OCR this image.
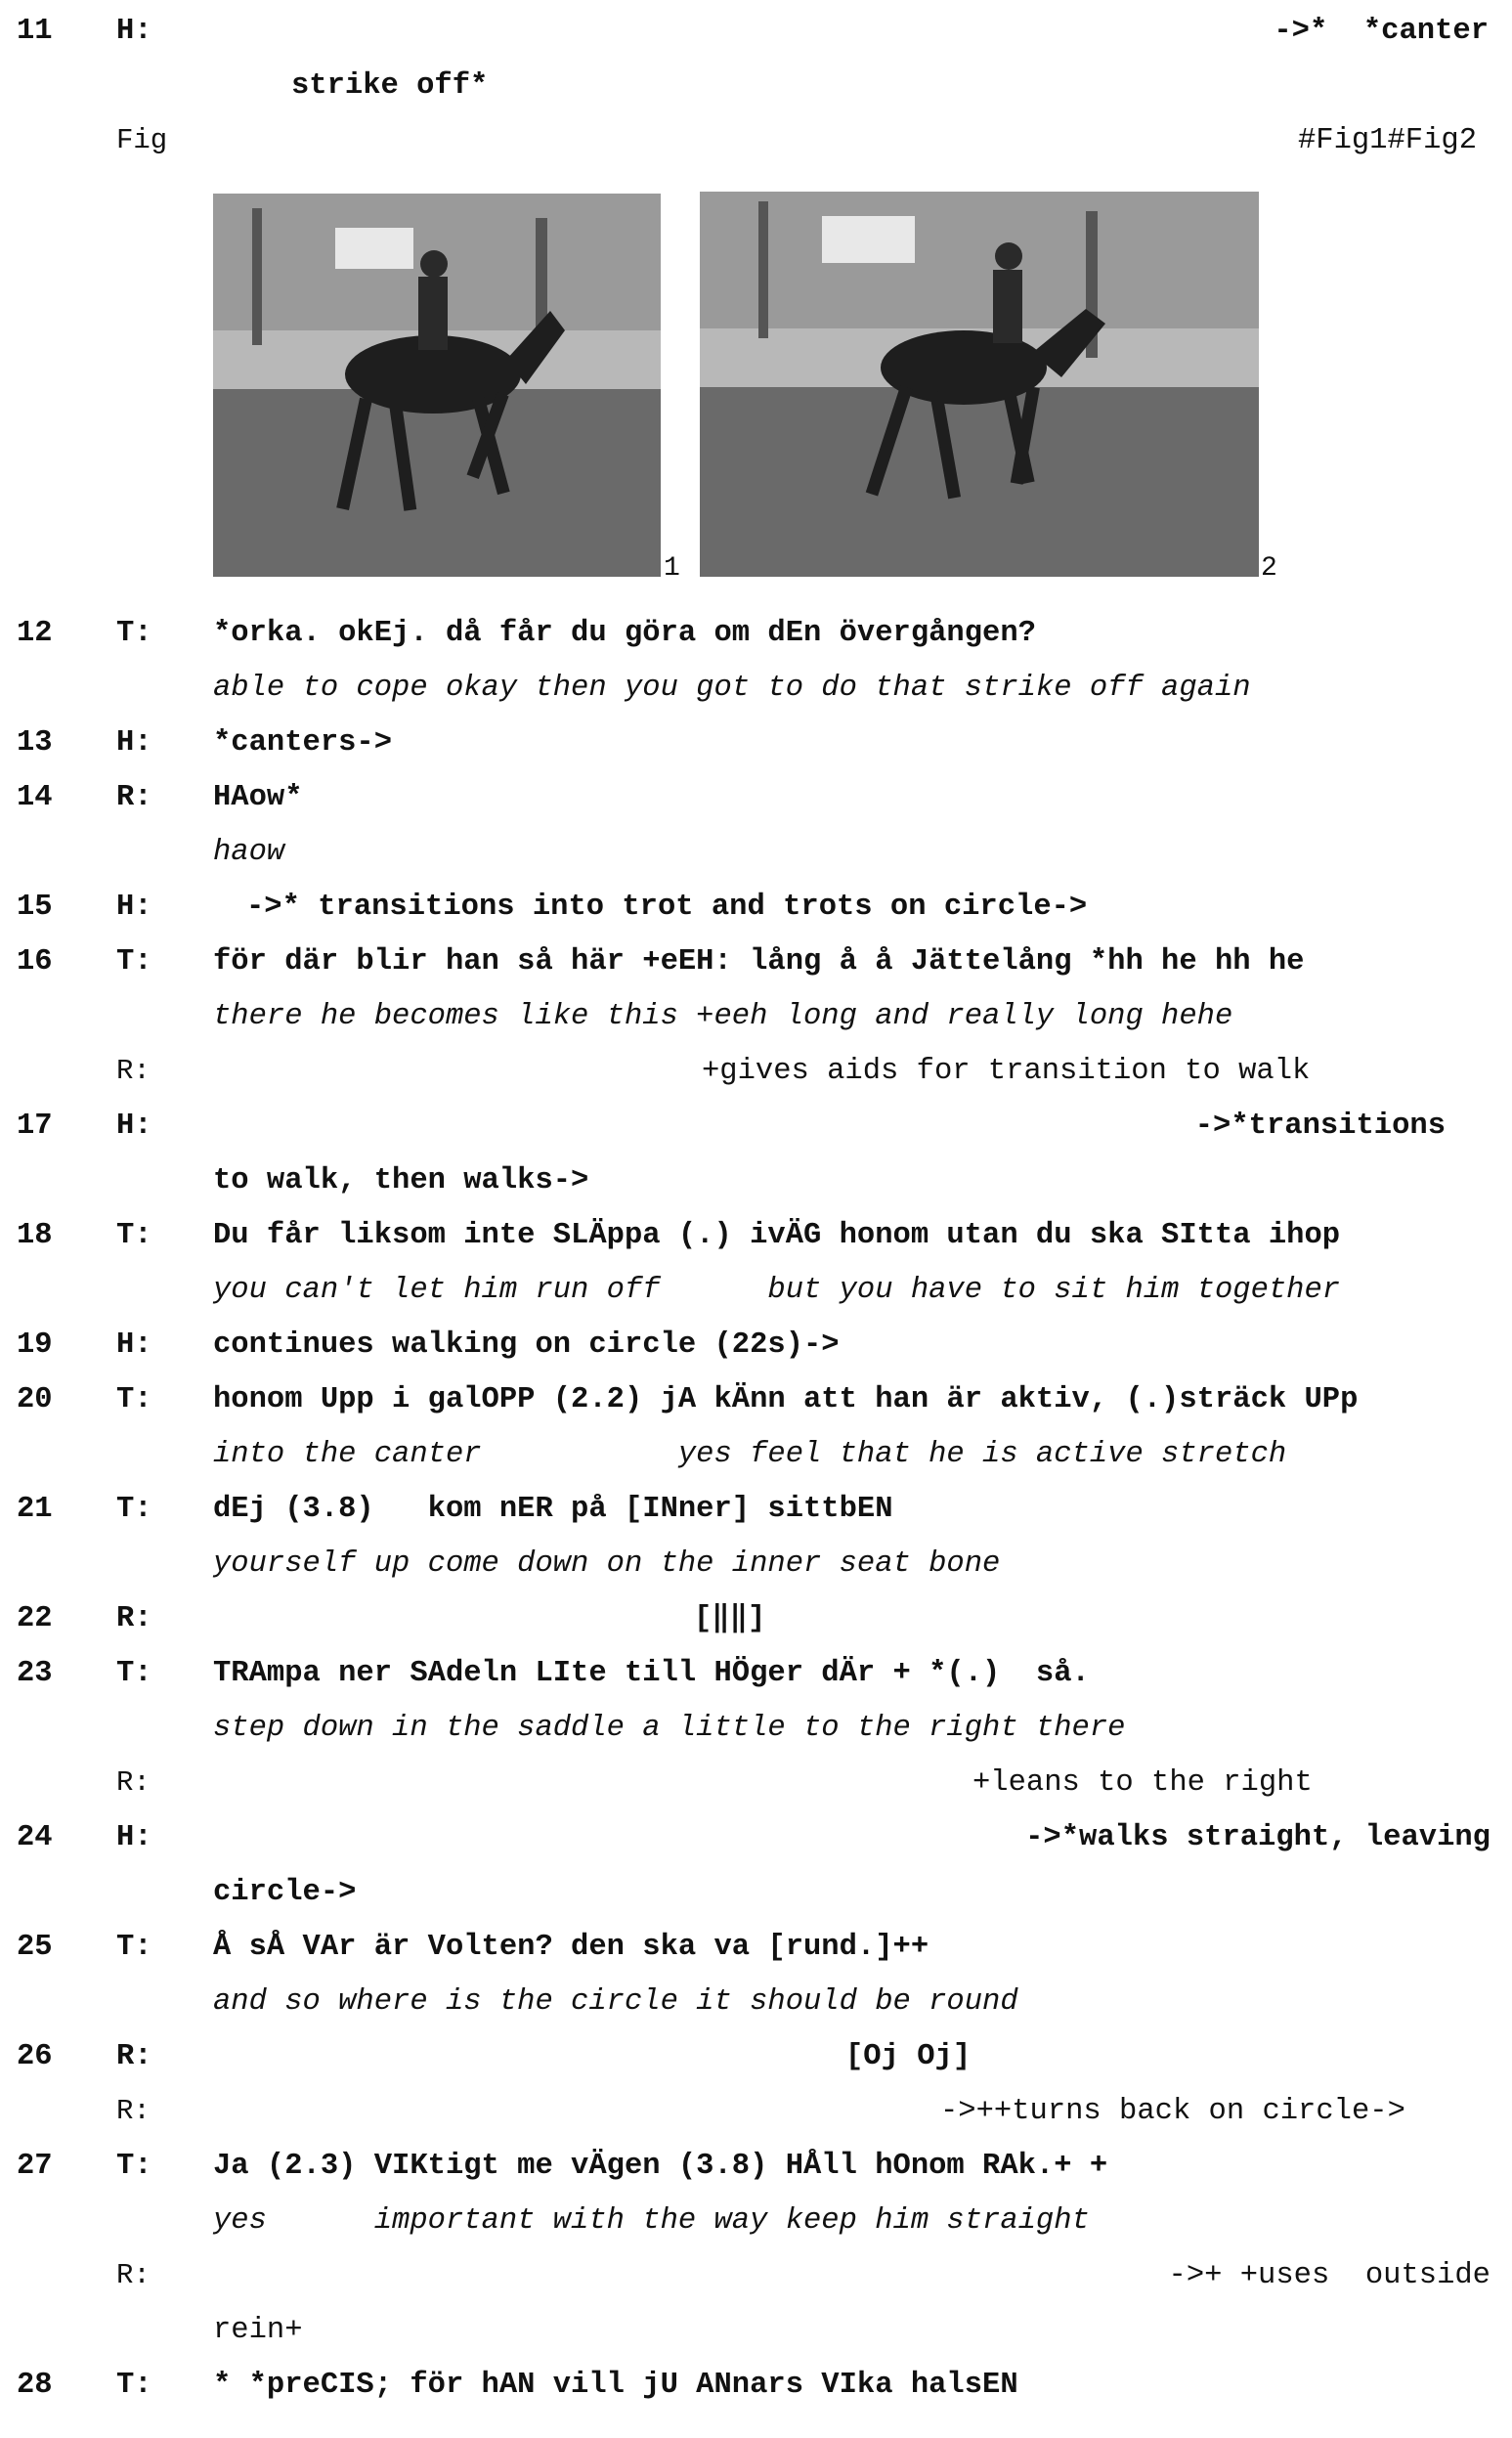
11 H:	->*  *canter
strike off*
Fig	#Fig1#Fig2
1	2
12 T: *orka. okEj. då får du göra om dEn övergången?
able to cope okay then you got to do that strike off again
13 H: *canters->
14 R: HAow*
haow
15 H:	->* transitions into trot and trots on circle->
16 T: för där blir han så här +eEH: lång å å Jättelång *hh he hh he
there he becomes like this +eeh long and really long hehe
R:	+gives aids for transition to walk
17 H:	->*transitions
to walk, then walks->
18 T: Du får liksom inte SLÄppa (.) ivÄG honom utan du ska SItta ihop
you can't let him run off      but you have to sit him together
19 H: continues walking on circle (22s)->
20 T: honom Upp i galOPP (2.2) jA kÄnn att han är aktiv, (.)sträck UPp
into the canter           yes feel that he is active stretch
21 T: dEj (3.8)   kom nER på [INner] sittbEN
yourself up come down on the inner seat bone
22 R:	[‖‖]
23 T: TRAmpa ner SAdeln LIte till HÖger dÄr + *(.)  så.
step down in the saddle a little to the right there
R:	+leans to the right
24 H:	->*walks straight, leaving
circle->
25 T: Å sÅ VAr är Volten? den ska va [rund.]++
and so where is the circle it should be round
26 R:	[Oj Oj]
R:	->++turns back on circle->
27 T: Ja (2.3) VIKtigt me vÄgen (3.8) HÅll hOnom RAk.+ +
yes      important with the way keep him straight
R:	->+ +uses  outside
rein+
28 T: * *preCIS; för hAN vill jU ANnars VIka halsEN
